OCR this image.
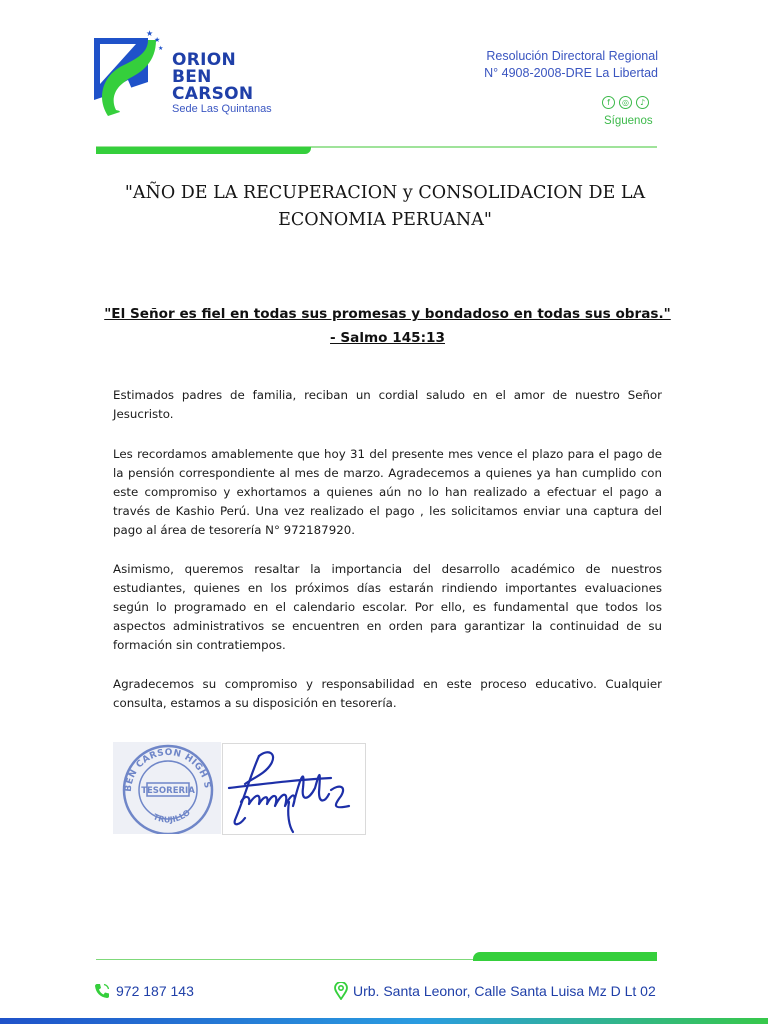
★
★
★
ORION
BEN
CARSON
Sede Las Quintanas
Resolución Directoral Regional
N° 4908-2008-DRE La Libertad
f	◎	♪
Síguenos
"AÑO DE LA RECUPERACION y CONSOLIDACION DE LA ECONOMIA PERUANA"
"El Señor es fiel en todas sus promesas y bondadoso en todas sus obras."
- Salmo 145:13
Estimados padres de familia, reciban un cordial saludo en el amor de nuestro Señor Jesucristo.
Les recordamos amablemente que hoy 31 del presente mes vence el plazo para el pago de la pensión correspondiente al mes de marzo. Agradecemos a quienes ya han cumplido con este compromiso y exhortamos a quienes aún no lo han realizado a efectuar el pago a través de Kashio Perú. Una vez realizado el pago , les solicitamos enviar una captura del pago al área de tesorería N° 972187920.
Asimismo, queremos resaltar la importancia del desarrollo académico de nuestros estudiantes, quienes en los próximos días estarán rindiendo importantes evaluaciones según lo programado en el calendario escolar. Por ello, es fundamental que todos los aspectos administrativos se encuentren en orden para garantizar la continuidad de su formación sin contratiempos.
Agradecemos su compromiso y responsabilidad en este proceso educativo. Cualquier consulta, estamos a su disposición en tesorería.
BEN CARSON HIGH S
TESORERIA
TRUJILLO
972 187 143	Urb. Santa Leonor, Calle Santa Luisa Mz D Lt 02
